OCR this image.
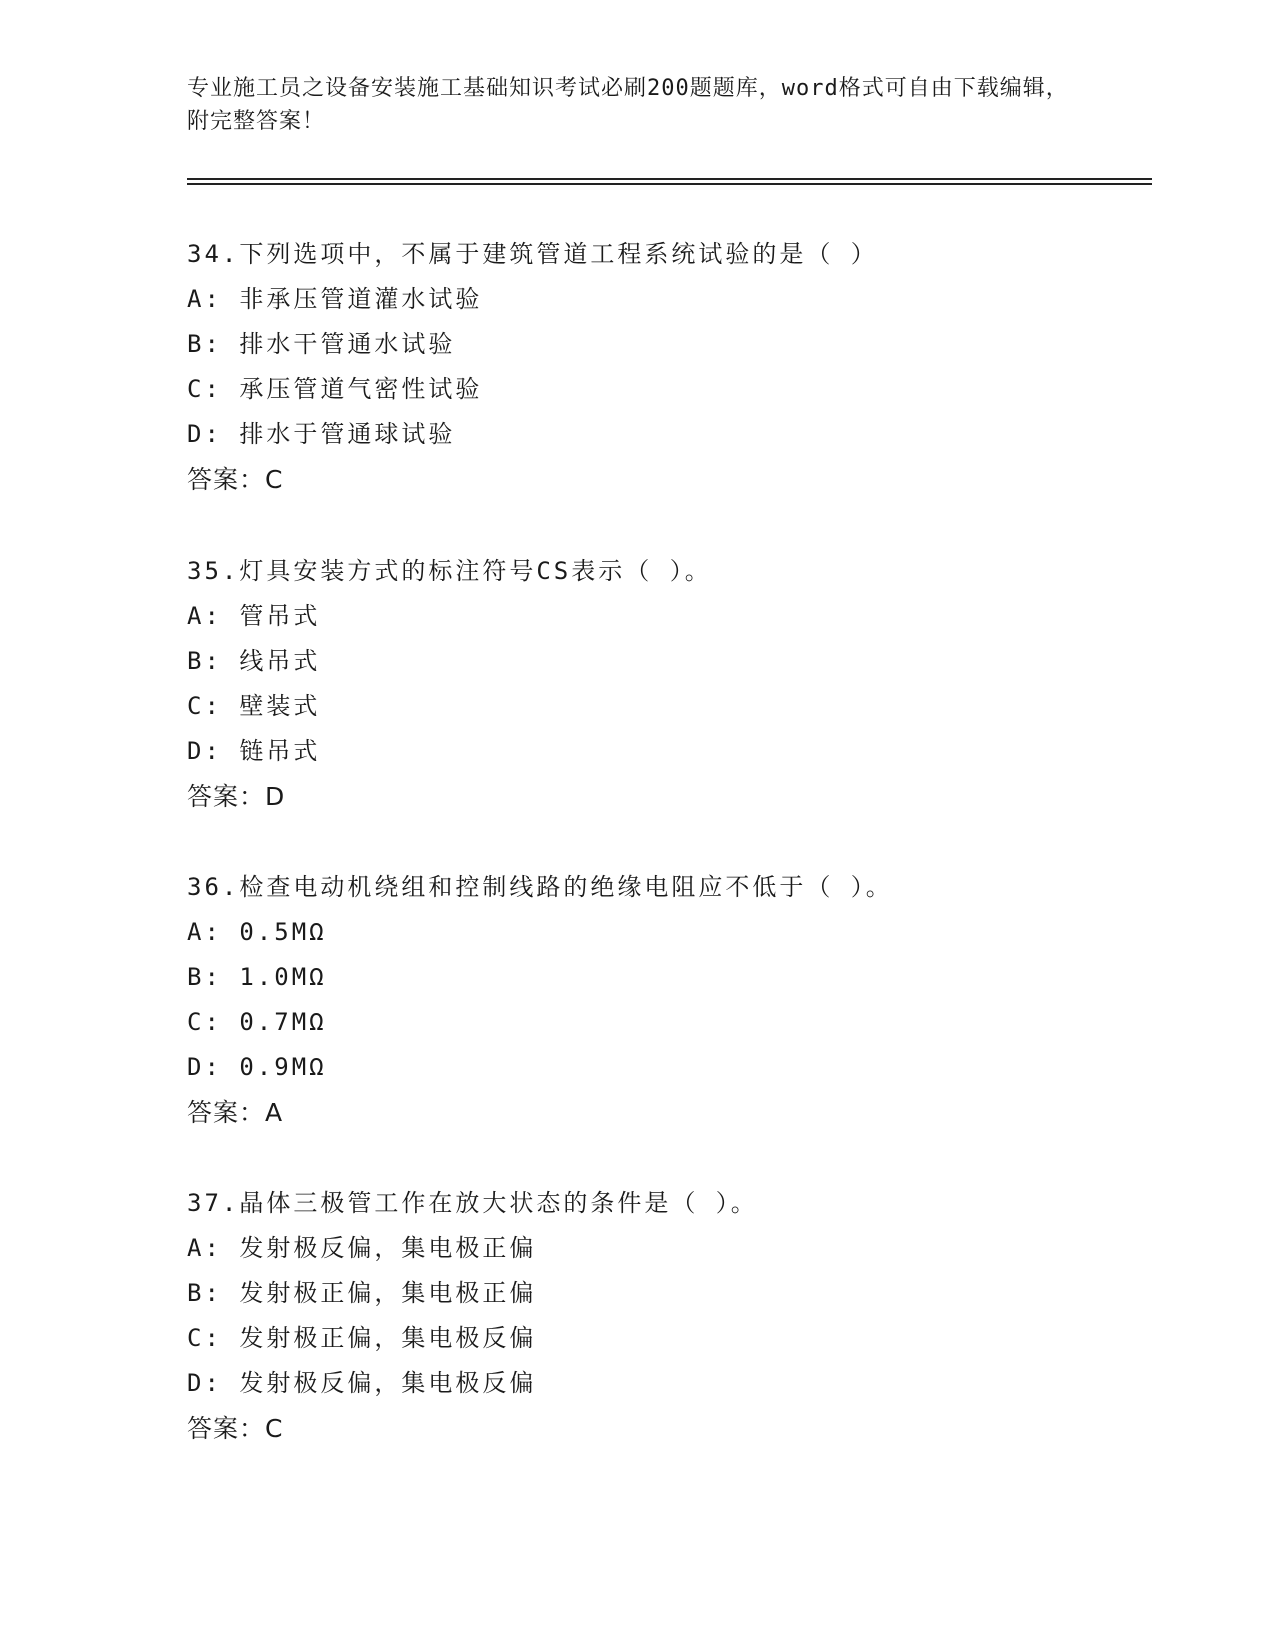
专业施工员之设备安装施工基础知识考试必刷200题题库，word格式可自由下载编辑，附完整答案！
34.下列选项中，不属于建筑管道工程系统试验的是（ ）
A: 非承压管道灌水试验
B: 排水干管通水试验
C: 承压管道气密性试验
D: 排水于管通球试验
答案：C
35.灯具安装方式的标注符号CS表示（ ）。
A: 管吊式
B: 线吊式
C: 壁装式
D: 链吊式
答案：D
36.检查电动机绕组和控制线路的绝缘电阻应不低于（ ）。
A: 0.5MΩ
B: 1.0MΩ
C: 0.7MΩ
D: 0.9MΩ
答案：A
37.晶体三极管工作在放大状态的条件是（ ）。
A: 发射极反偏，集电极正偏
B: 发射极正偏，集电极正偏
C: 发射极正偏，集电极反偏
D: 发射极反偏，集电极反偏
答案：C
